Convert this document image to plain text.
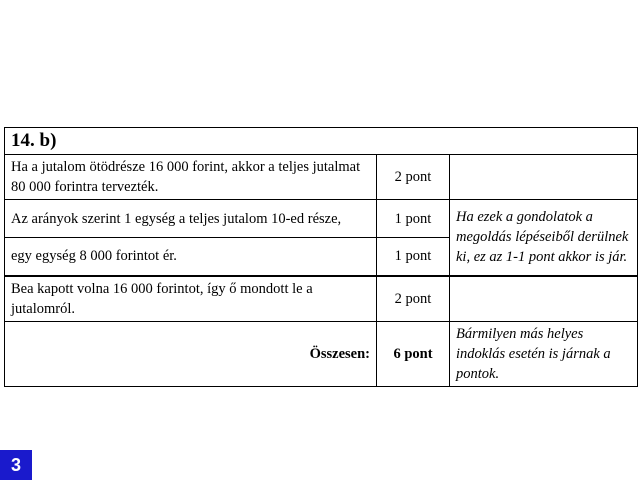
14. b)		
Ha a jutalom ötödrésze 16 000 forint, akkor a teljes jutalmat 80 000 forintra tervezték.	2 pont	
Az arányok szerint 1 egység a teljes jutalom 10-ed része,	1 pont	Ha ezek a gondolatok a megoldás lépéseiből derülnek ki, ez az 1-1 pont akkor is jár.
egy egység 8 000 forintot ér.	1 pont	
Bea kapott volna 16 000 forintot, így ő mondott le a jutalomról.	2 pont	
Összesen:	6 pont	Bármilyen más helyes indoklás esetén is járnak a pontok.
3
